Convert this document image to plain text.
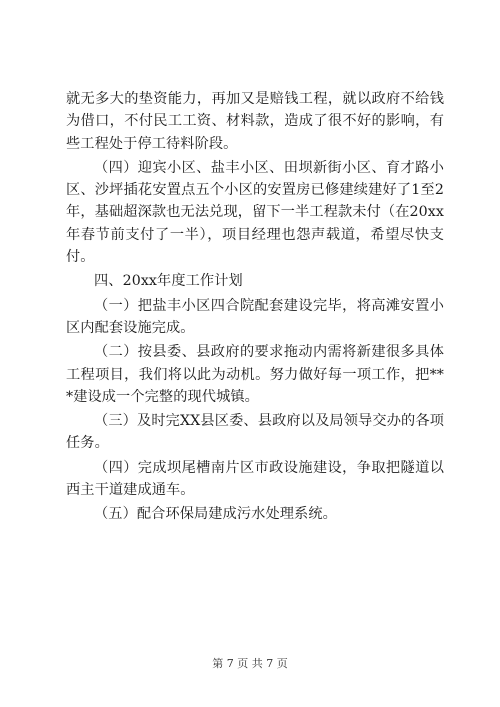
就无多大的垫资能力，再加又是赔钱工程，就以政府不给钱为借口，不付民工工资、材料款，造成了很不好的影响，有些工程处于停工待料阶段。

（四）迎宾小区、盐丰小区、田坝新街小区、育才路小区、沙坪插花安置点五个小区的安置房已修建续建好了1至2年，基础超深款也无法兑现，留下一半工程款未付（在20xx年春节前支付了一半），项目经理也怨声载道，希望尽快支付。

四、20xx年度工作计划

（一）把盐丰小区四合院配套建设完毕，将高滩安置小区内配套设施完成。

（二）按县委、县政府的要求拖动内需将新建很多具体工程项目，我们将以此为动机。努力做好每一项工作，把***建设成一个完整的现代城镇。

（三）及时完XX县区委、县政府以及局领导交办的各项任务。

（四）完成坝尾槽南片区市政设施建设，争取把隧道以西主干道建成通车。

（五）配合环保局建成污水处理系统。

第 7 页 共 7 页
